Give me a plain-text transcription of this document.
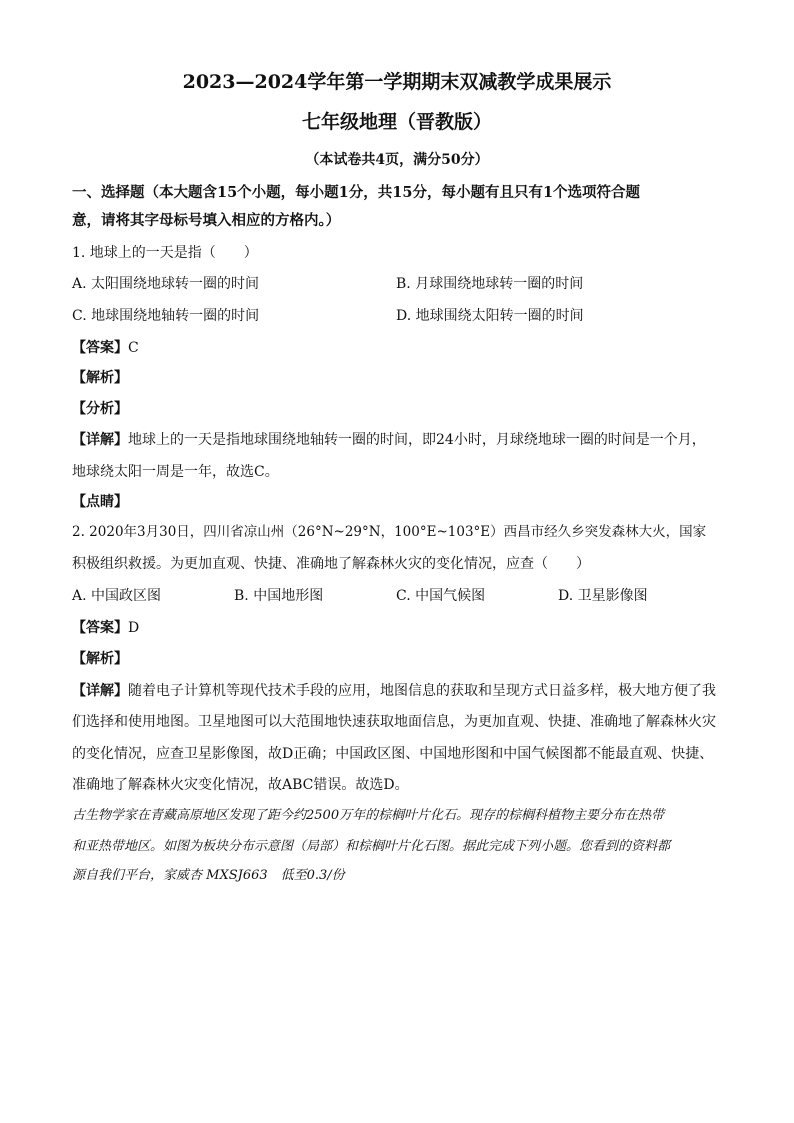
2023—2024学年第一学期期末双减教学成果展示
七年级地理（晋教版）
（本试卷共4页，满分50分）
一、选择题（本大题含15个小题，每小题1分，共15分，每小题有且只有1个选项符合题
意，请将其字母标号填入相应的方格内。）
1. 地球上的一天是指（　　）
A. 太阳围绕地球转一圈的时间	B. 月球围绕地球转一圈的时间
C. 地球围绕地轴转一圈的时间	D. 地球围绕太阳转一圈的时间
【答案】C
【解析】
【分析】
【详解】地球上的一天是指地球围绕地轴转一圈的时间，即24小时，月球绕地球一圈的时间是一个月，
地球绕太阳一周是一年，故选C。
【点睛】
2. 2020年3月30日，四川省凉山州（26°N~29°N，100°E~103°E）西昌市经久乡突发森林大火，国家
积极组织救援。为更加直观、快捷、准确地了解森林火灾的变化情况，应查（　　）
A. 中国政区图	B. 中国地形图	C. 中国气候图	D. 卫星影像图
【答案】D
【解析】
【详解】随着电子计算机等现代技术手段的应用，地图信息的获取和呈现方式日益多样，极大地方便了我
们选择和使用地图。卫星地图可以大范围地快速获取地面信息，为更加直观、快捷、准确地了解森林火灾
的变化情况，应查卫星影像图，故D正确；中国政区图、中国地形图和中国气候图都不能最直观、快捷、
准确地了解森林火灾变化情况，故ABC错误。故选D。
古生物学家在青藏高原地区发现了距今约2500万年的棕榈叶片化石。现存的棕榈科植物主要分布在热带
和亚热带地区。如图为板块分布示意图（局部）和棕榈叶片化石图。据此完成下列小题。您看到的资料都
源自我们平台，家威杏 MXSJ663　低至0.3/份
